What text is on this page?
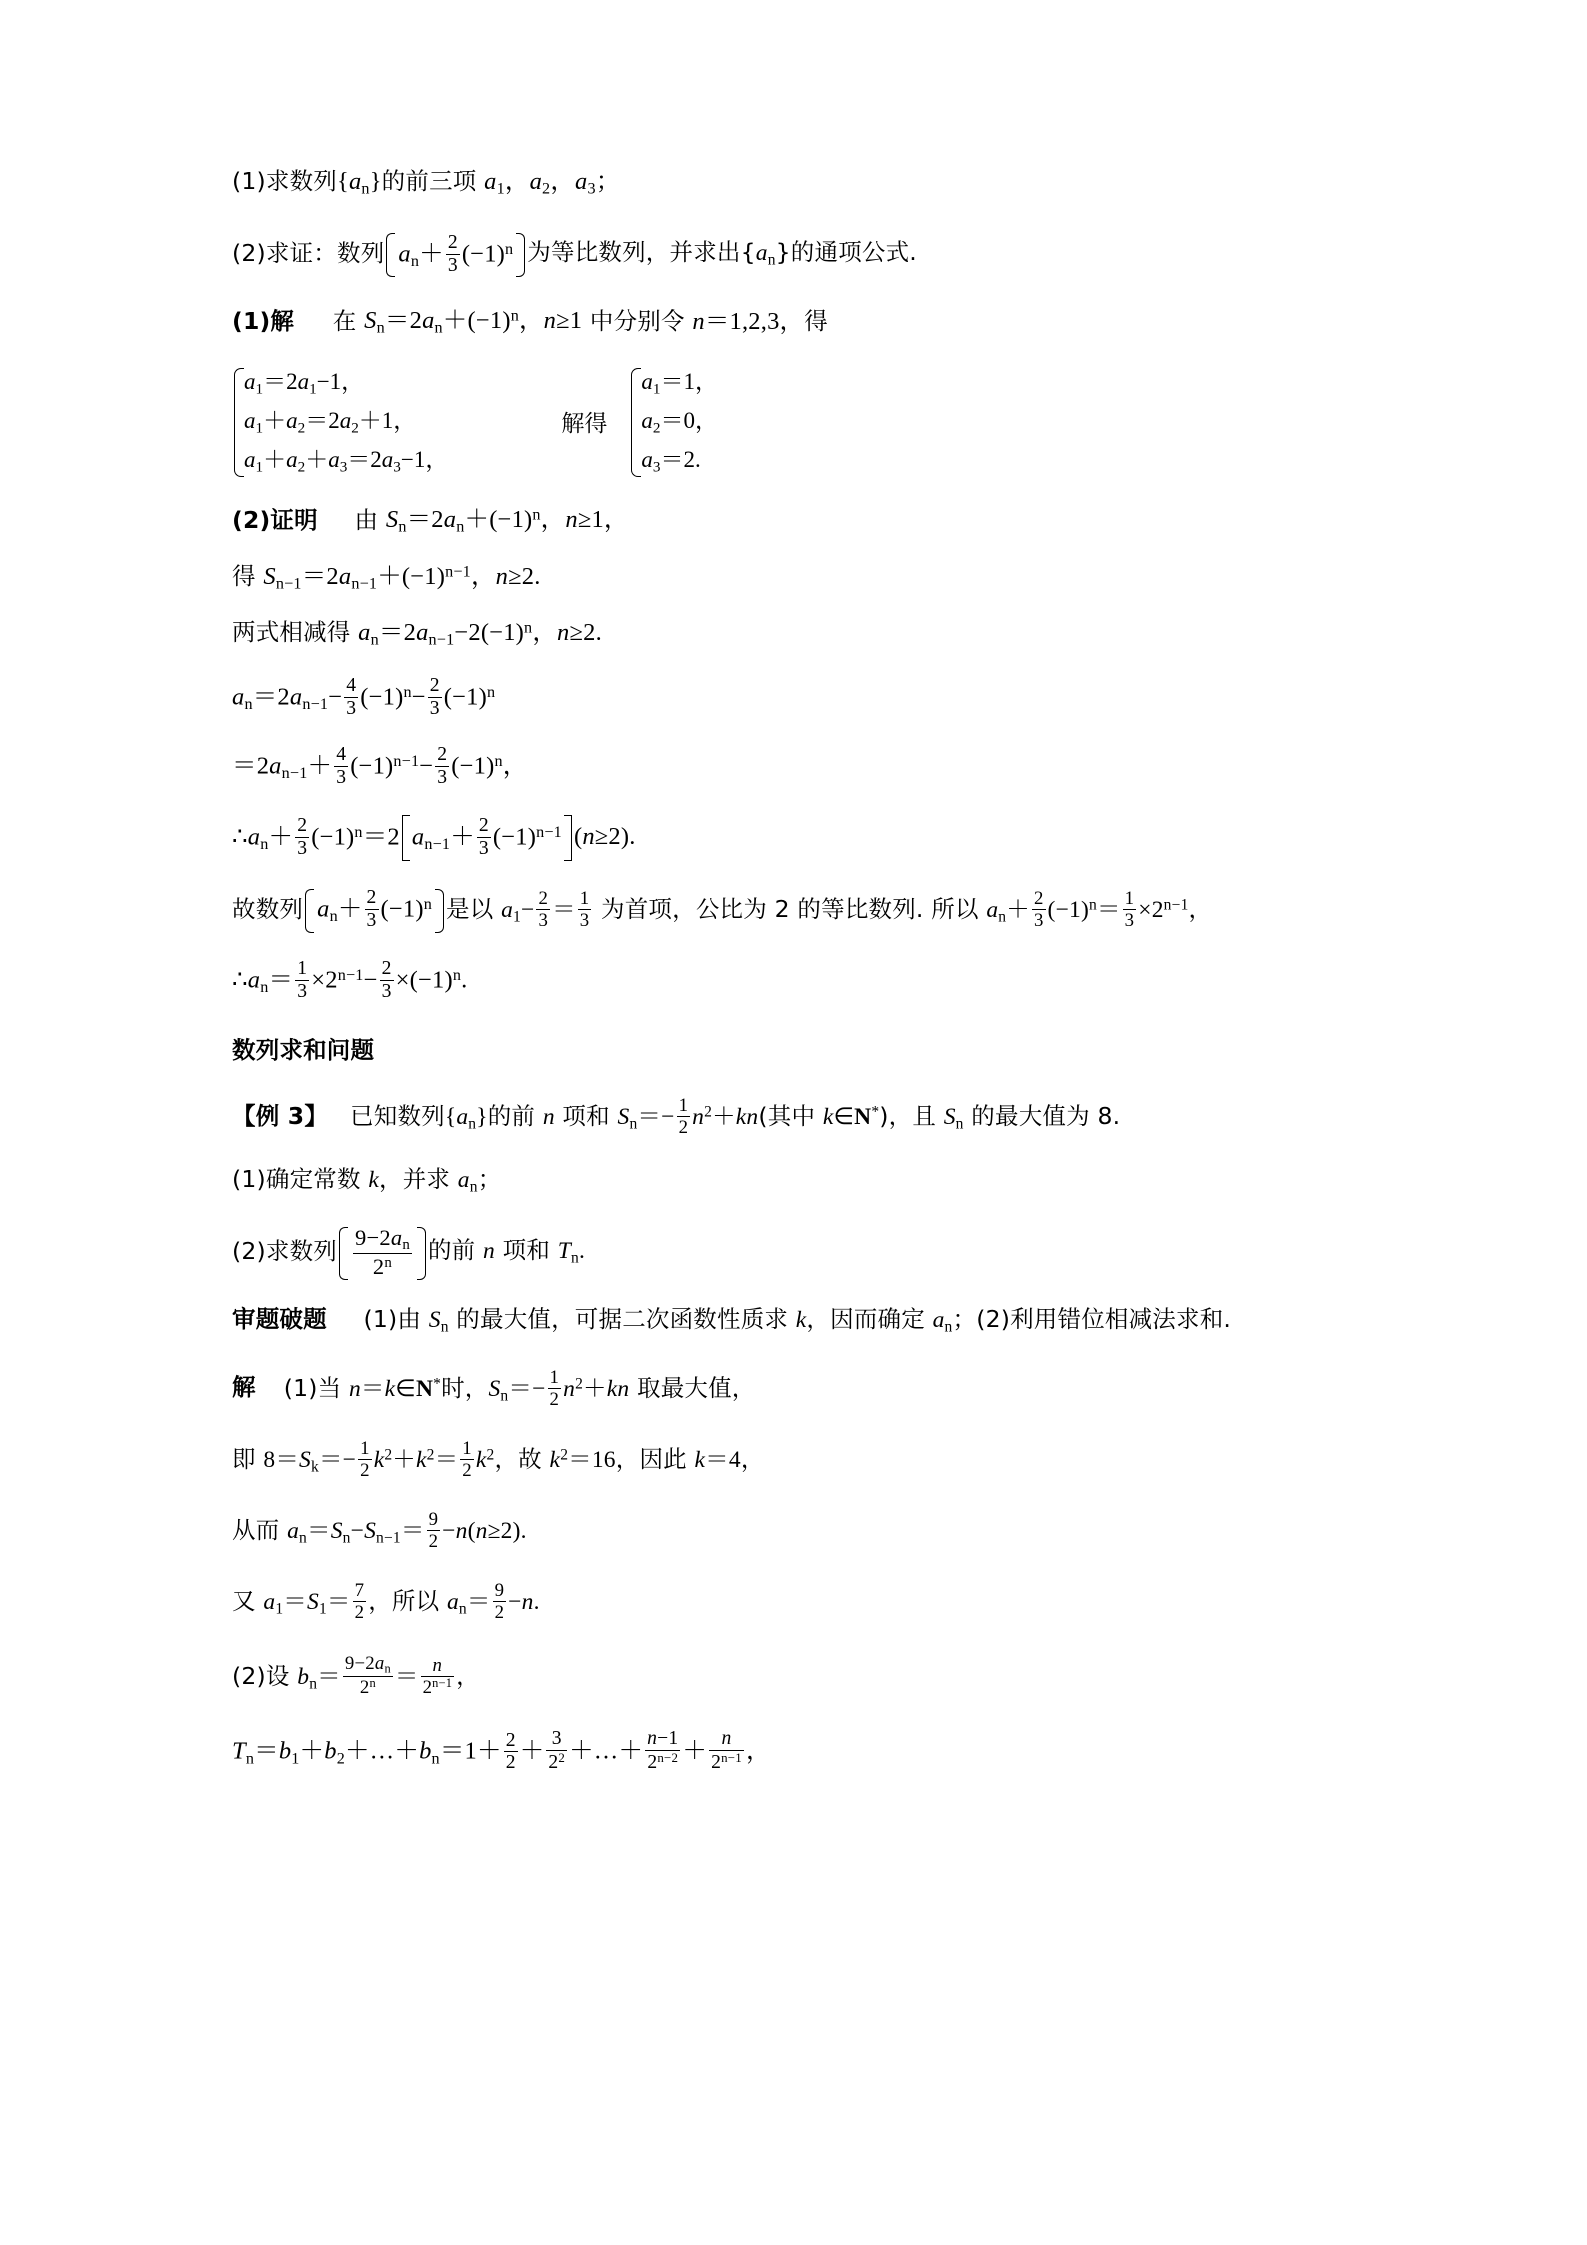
(1)求数列$\{a_n\}$的前三项 $a_1$，$a_2$，$a_3$；
(2)求证：数列 $a_n+ \frac{2}{3} (-1)^n$ 为等比数列，并求出$\{a_n\}$的通项公式.
(1)解 在 $S_n=2a_n+(-1)^n$，n≥1 中分别令 n＝1,2,3，得
$a_1=2a_1-1$，
$a_1+a_2=2a_2+1$，
$a_1+a_2+a_3=2a_3-1$，
解得
$a_1=1$，
$a_2=0$，
$a_3=2$.
(2)证明 由 $S_n=2a_n+(-1)^n$，n≥1，
得 $S_{n-1}=2a_{n-1}+(-1)^{n-1}$，n≥2.
两式相减得 $a_n=2a_{n-1}-2(-1)^n$，n≥2.
$a_n=2a_{n-1}- \frac{4}{3} (-1)^n- \frac{2}{3} (-1)^n$
$=2a_{n-1}+ \frac{4}{3} (-1)^{n-1}- \frac{2}{3} (-1)^n$，
$\therefore a_n+ \frac{2}{3} (-1)^n=2$ $a_{n-1}+ \frac{2}{3} (-1)^{n-1}$ (n≥2).
故数列 $a_n+ \frac{2}{3} (-1)^n$ 是以 $a_1- \frac{2}{3} = \frac{1}{3}$ 为首项，公比为 2 的等比数列. 所以 $a_n+ \frac{2}{3} (-1)^n= \frac{1}{3} \times 2^{n-1}$，
$\therefore a_n= \frac{1}{3} \times 2^{n-1}- \frac{2}{3} \times(-1)^n$.
数列求和问题
【例 3】 已知数列$\{a_n\}$的前 n 项和 $S_n=- \frac{1}{2} n^2+kn$(其中 k∈N*)，且 $S_n$ 的最大值为 8.
(1)确定常数 k，并求 $a_n$；
(2)求数列 $\frac{9-2a_n}{2^n}$ 的前 n 项和 $T_n$.
审题破题 (1)由 $S_n$ 的最大值，可据二次函数性质求 k，因而确定 $a_n$；(2)利用错位相减法求和.
解 (1)当 n＝k∈N*时，$S_n=- \frac{1}{2} n^2+kn$ 取最大值，
即 $8=S_k=- \frac{1}{2} k^2+k^2= \frac{1}{2} k^2$，故 $k^2=16$，因此 k＝4，
从而 $a_n=S_n-S_{n-1}= \frac{9}{2} -n(n\ge 2)$.
又 $a_1=S_1= \frac{7}{2}$ ，所以 $a_n= \frac{9}{2} -n$.
(2)设 $b_n= \frac{9-2a_n}{2^n} = \frac{n}{2^{n-1}}$ ，
$T_n=b_1+b_2+\dots+b_n=1+ \frac{2}{2} + \frac{3}{2^2}$ ＋…＋ $\frac{n-1}{2^{n-2}} + \frac{n}{2^{n-1}}$ ，
